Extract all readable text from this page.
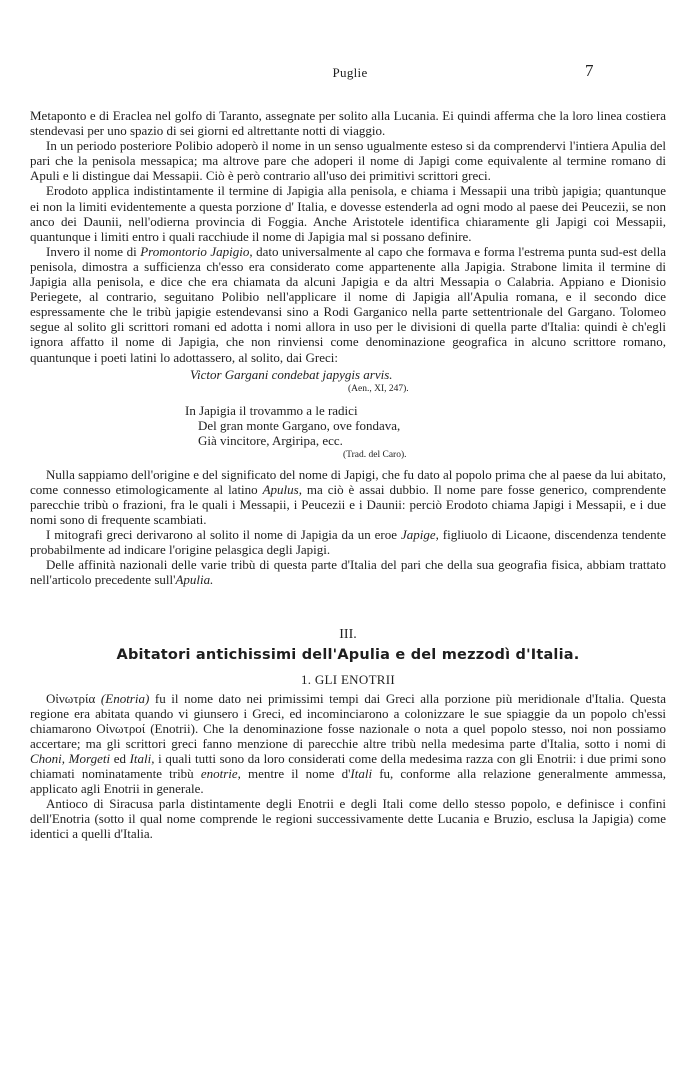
Puglie	7

Metaponto e di Eraclea nel golfo di Taranto, assegnate per solito alla Lucania. Ei quindi afferma che la loro linea costiera stendevasi per uno spazio di sei giorni ed altrettante notti di viaggio.

In un periodo posteriore Polibio adoperò il nome in un senso ugualmente esteso si da comprendervi l'intiera Apulia del pari che la penisola messapica; ma altrove pare che adoperi il nome di Japigi come equivalente al termine romano di Apuli e li distingue dai Messapii. Ciò è però contrario all'uso dei primitivi scrittori greci.

Erodoto applica indistintamente il termine di Japigia alla penisola, e chiama i Messapii una tribù japigia; quantunque ei non la limiti evidentemente a questa porzione d' Italia, e dovesse estenderla ad ogni modo al paese dei Peucezii, se non anco dei Daunii, nell'odierna provincia di Foggia. Anche Aristotele identifica chiaramente gli Japigi coi Messapii, quantunque i limiti entro i quali racchiude il nome di Japigia mal si possano definire.

Invero il nome di Promontorio Japigio, dato universalmente al capo che formava e forma l'estrema punta sud-est della penisola, dimostra a sufficienza ch'esso era considerato come appartenente alla Japigia. Strabone limita il termine di Japigia alla penisola, e dice che era chiamata da alcuni Japigia e da altri Messapia o Calabria. Appiano e Dionisio Periegete, al contrario, seguitano Polibio nell'applicare il nome di Japigia all'Apulia romana, e il secondo dice espressamente che le tribù japigie estendevansi sino a Rodi Garganico nella parte settentrionale del Gargano. Tolomeo segue al solito gli scrittori romani ed adotta i nomi allora in uso per le divisioni di quella parte d'Italia: quindi è ch'egli ignora affatto il nome di Japigia, che non rinviensi come denominazione geografica in alcuno scrittore romano, quantunque i poeti latini lo adottassero, al solito, dai Greci:

Victor Gargani condebat japygis arvis.
(Aen., XI, 247).
In Japigia il trovammo a le radici
Del gran monte Gargano, ove fondava,
Già vincitore, Argiripa, ecc.
(Trad. del Caro).

Nulla sappiamo dell'origine e del significato del nome di Japigi, che fu dato al popolo prima che al paese da lui abitato, come connesso etimologicamente al latino Apulus, ma ciò è assai dubbio. Il nome pare fosse generico, comprendente parecchie tribù o frazioni, fra le quali i Messapii, i Peucezii e i Daunii: perciò Erodoto chiama Japigi i Messapii, e i due nomi sono di frequente scambiati.

I mitografi greci derivarono al solito il nome di Japigia da un eroe Japige, figliuolo di Licaone, discendenza tendente probabilmente ad indicare l'origine pelasgica degli Japigi.

Delle affinità nazionali delle varie tribù di questa parte d'Italia del pari che della sua geografia fisica, abbiam trattato nell'articolo precedente sull'Apulia.

III.
Abitatori antichissimi dell'Apulia e del mezzodì d'Italia.
1. GLI ENOTRII

Οἰνωτρία (Enotria) fu il nome dato nei primissimi tempi dai Greci alla porzione più meridionale d'Italia. Questa regione era abitata quando vi giunsero i Greci, ed incominciarono a colonizzare le sue spiaggie da un popolo ch'essi chiamarono Οἰνωτροί (Enotrii). Che la denominazione fosse nazionale o nota a quel popolo stesso, noi non possiamo accertare; ma gli scrittori greci fanno menzione di parecchie altre tribù nella medesima parte d'Italia, sotto i nomi di Choni, Morgeti ed Itali, i quali tutti sono da loro considerati come della medesima razza con gli Enotrii: i due primi sono chiamati nominatamente tribù enotrie, mentre il nome d'Itali fu, conforme alla relazione generalmente ammessa, applicato agli Enotrii in generale.

Antioco di Siracusa parla distintamente degli Enotrii e degli Itali come dello stesso popolo, e definisce i confini dell'Enotria (sotto il qual nome comprende le regioni successivamente dette Lucania e Bruzio, esclusa la Japigia) come identici a quelli d'Italia.
